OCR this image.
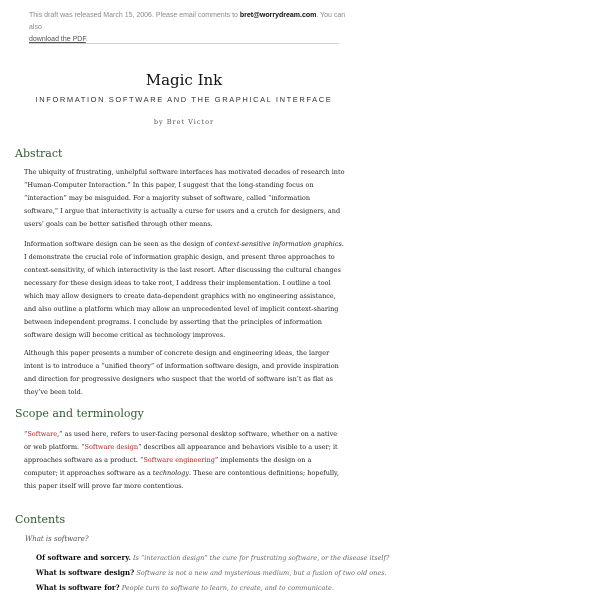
This draft was released March 15, 2006. Please email comments to bret@worrydream.com. You can also
download the PDF.
Magic Ink
INFORMATION SOFTWARE AND THE GRAPHICAL INTERFACE
by Bret Victor
Abstract

The ubiquity of frustrating, unhelpful software interfaces has motivated decades of research into “Human-Computer Interaction.” In this paper, I suggest that the long-standing focus on “interaction” may be misguided. For a majority subset of software, called “information software,” I argue that interactivity is actually a curse for users and a crutch for designers, and users’ goals can be better satisfied through other means.

Information software design can be seen as the design of context-sensitive information graphics. I demonstrate the crucial role of information graphic design, and present three approaches to context-sensitivity, of which interactivity is the last resort. After discussing the cultural changes necessary for these design ideas to take root, I address their implementation. I outline a tool which may allow designers to create data-dependent graphics with no engineering assistance, and also outline a platform which may allow an unprecedented level of implicit context-sharing between independent programs. I conclude by asserting that the principles of information software design will become critical as technology improves.

Although this paper presents a number of concrete design and engineering ideas, the larger intent is to introduce a “unified theory” of information software design, and provide inspiration and direction for progressive designers who suspect that the world of software isn’t as flat as they’ve been told.

Scope and terminology

“Software,” as used here, refers to user-facing personal desktop software, whether on a native or web platform. “Software design” describes all appearance and behaviors visible to a user; it approaches software as a product. “Software engineering” implements the design on a computer; it approaches software as a technology. These are contentious definitions; hopefully, this paper itself will prove far more contentious.

Contents
What is software?
Of software and sorcery. Is “interaction design” the cure for frustrating software, or the disease itself?
What is software design? Software is not a new and mysterious medium, but a fusion of two old ones.
What is software for? People turn to software to learn, to create, and to communicate.
